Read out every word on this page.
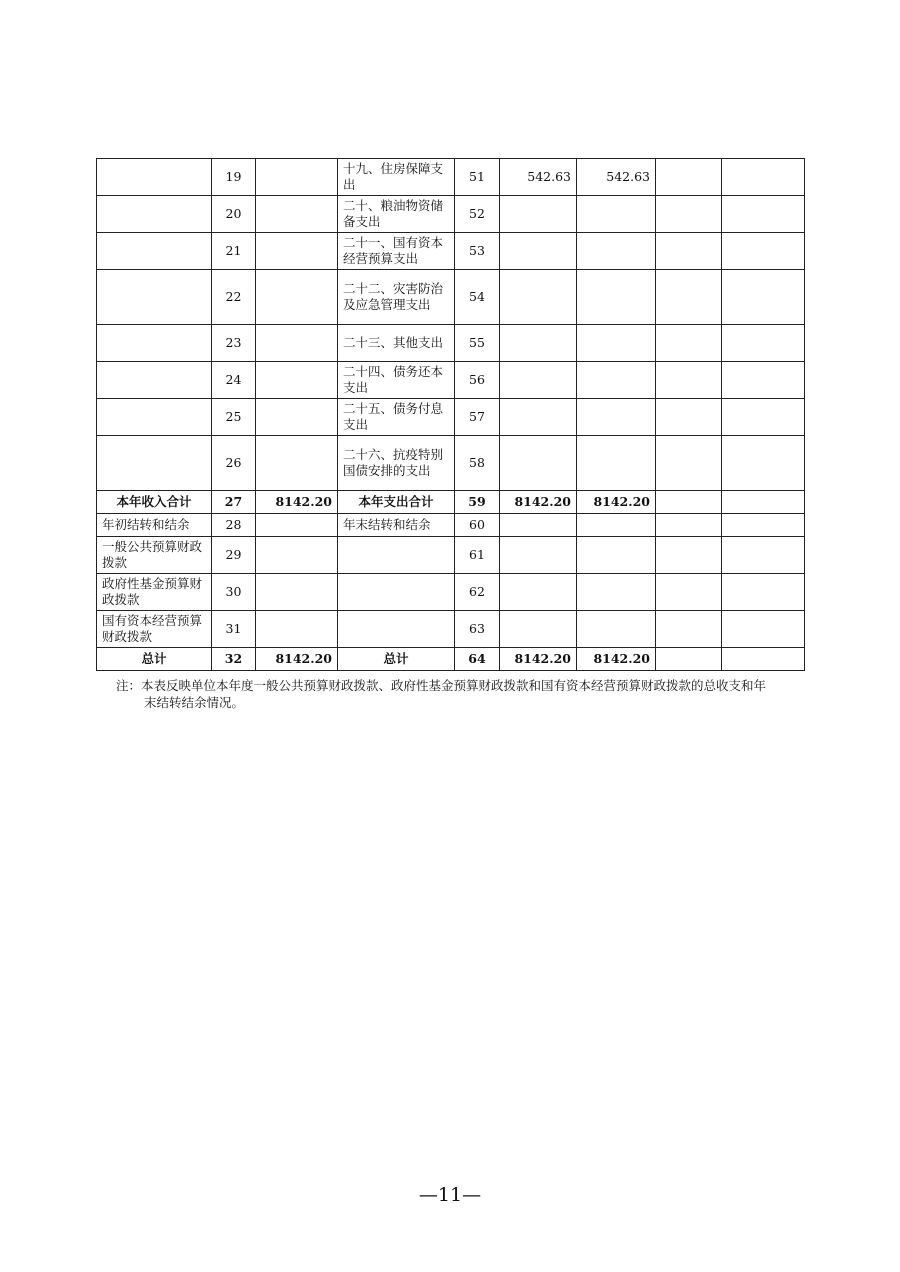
	19		十九、住房保障支出	51	542.63	542.63		
	20		二十、粮油物资储备支出	52				
	21		二十一、国有资本经营预算支出	53				
	22		二十二、灾害防治及应急管理支出	54				
	23		二十三、其他支出	55				
	24		二十四、债务还本支出	56				
	25		二十五、债务付息支出	57				
	26		二十六、抗疫特别国债安排的支出	58				
本年收入合计	27	8142.20	本年支出合计	59	8142.20	8142.20		
年初结转和结余	28		年末结转和结余	60				
一般公共预算财政拨款	29			61				
政府性基金预算财政拨款	30			62				
国有资本经营预算财政拨款	31			63				
总计	32	8142.20	总计	64	8142.20	8142.20		
注：本表反映单位本年度一般公共预算财政拨款、政府性基金预算财政拨款和国有资本经营预算财政拨款的总收支和年
末结转结余情况。
—11—
